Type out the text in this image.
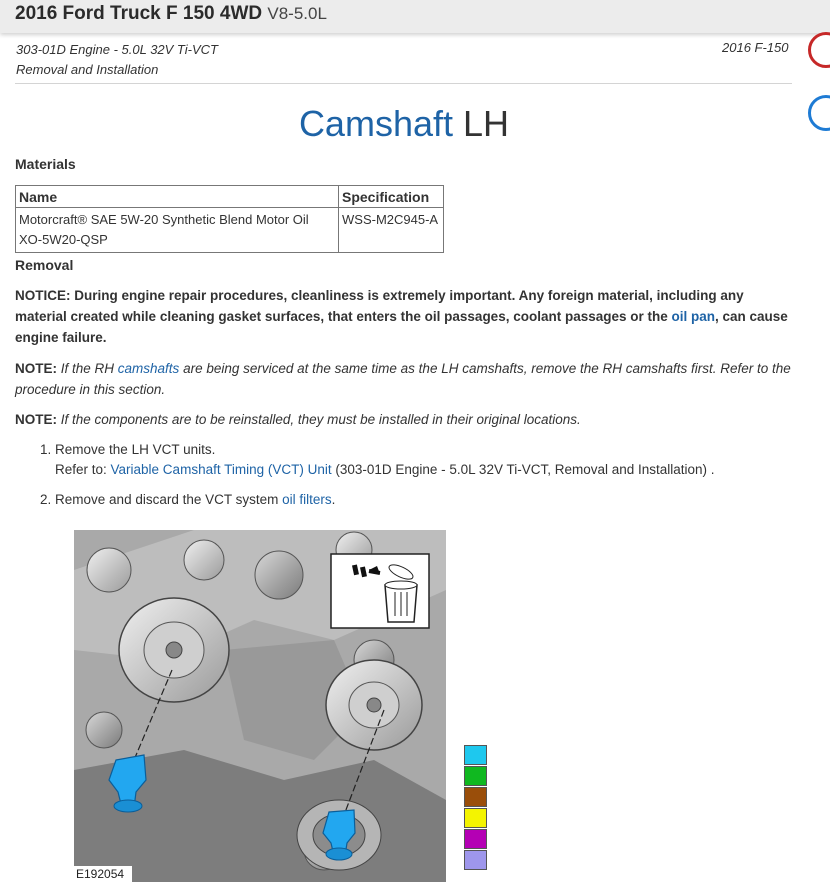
2016 Ford Truck F 150 4WD V8-5.0L
303-01D Engine - 5.0L 32V Ti-VCT
Removal and Installation
2016 F-150
Camshaft LH
Materials
Name	Specification
Motorcraft® SAE 5W-20 Synthetic Blend Motor Oil
XO-5W20-QSP	WSS-M2C945-A
Removal
NOTICE: During engine repair procedures, cleanliness is extremely important. Any foreign material, including any material created while cleaning gasket surfaces, that enters the oil passages, coolant passages or the oil pan, can cause engine failure.
NOTE: If the RH camshafts are being serviced at the same time as the LH camshafts, remove the RH camshafts first. Refer to the procedure in this section.
NOTE: If the components are to be reinstalled, they must be installed in their original locations.
1. Remove the LH VCT units.
Refer to: Variable Camshaft Timing (VCT) Unit (303-01D Engine - 5.0L 32V Ti-VCT, Removal and Installation) .
2. Remove and discard the VCT system oil filters.
E192054
